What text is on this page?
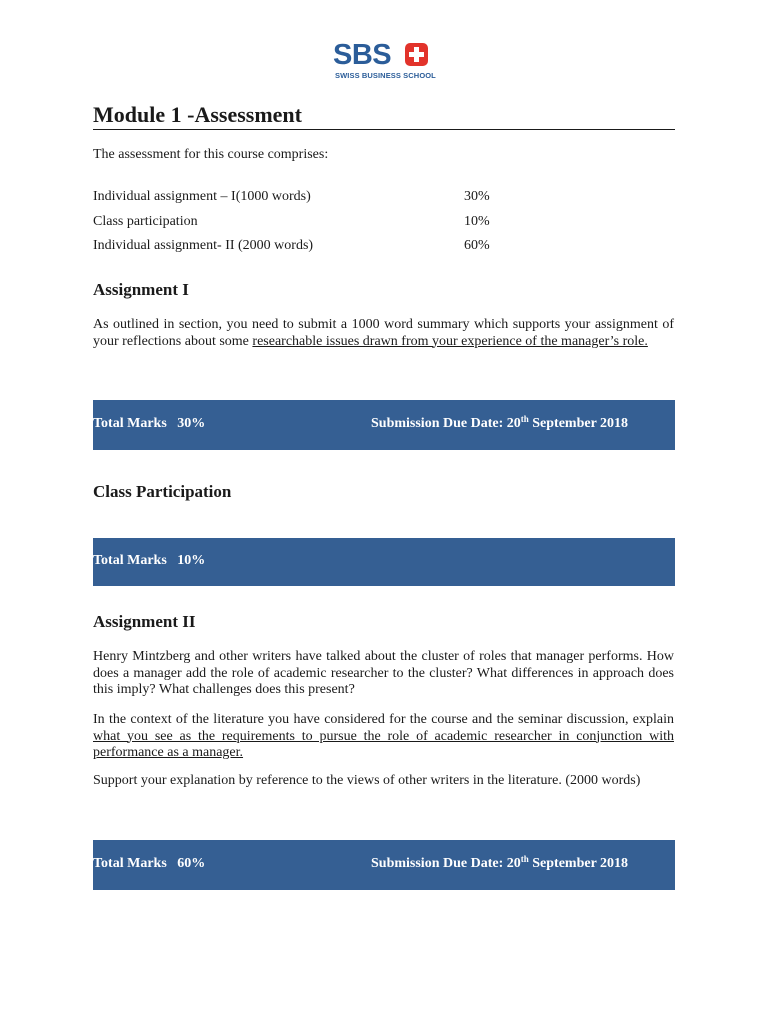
SBS
SWISS BUSINESS SCHOOL
Module 1 -Assessment
The assessment for this course comprises:
Individual assignment – I(1000 words)	30%
Class participation	10%
Individual assignment- II (2000 words)	60%
Assignment I
As outlined in section, you need to submit a 1000 word summary which supports your assignment of your reflections about some researchable issues drawn from your experience of the manager’s role.
Total Marks 30%	Submission Due Date: 20th September 2018
Class Participation
Total Marks 10%
Assignment II
Henry Mintzberg and other writers have talked about the cluster of roles that manager performs. How does a manager add the role of academic researcher to the cluster? What differences in approach does this imply? What challenges does this present?
In the context of the literature you have considered for the course and the seminar discussion, explain what you see as the requirements to pursue the role of academic researcher in conjunction with performance as a manager.
Support your explanation by reference to the views of other writers in the literature. (2000 words)
Total Marks 60%	Submission Due Date: 20th September 2018
